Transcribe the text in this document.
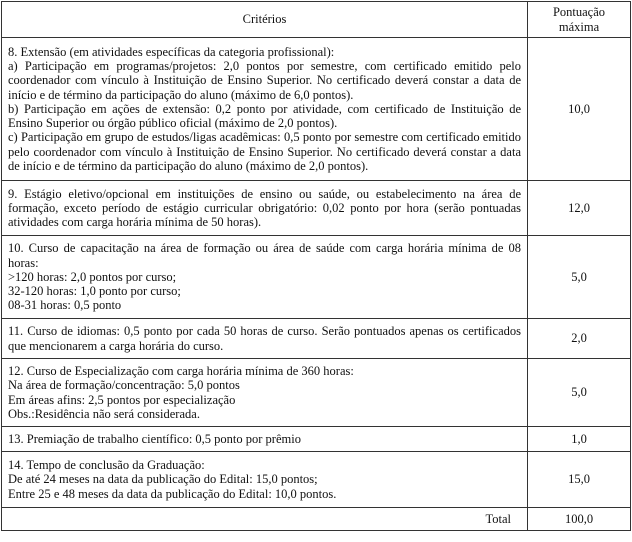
Critérios	Pontuação máxima

8. Extensão (em atividades específicas da categoria profissional):
a) Participação em programas/projetos: 2,0 pontos por semestre, com certificado emitido pelo coordenador com vínculo à Instituição de Ensino Superior. No certificado deverá constar a data de início e de término da participação do aluno (máximo de 6,0 pontos).
b) Participação em ações de extensão: 0,2 ponto por atividade, com certificado de Instituição de Ensino Superior ou órgão público oficial (máximo de 2,0 pontos).
c) Participação em grupo de estudos/ligas acadêmicas: 0,5 ponto por semestre com certificado emitido pelo coordenador com vínculo à Instituição de Ensino Superior. No certificado deverá constar a data de início e de término da participação do aluno (máximo de 2,0 pontos).	10,0

9. Estágio eletivo/opcional em instituições de ensino ou saúde, ou estabelecimento na área de formação, exceto período de estágio curricular obrigatório: 0,02 ponto por hora (serão pontuadas atividades com carga horária mínima de 50 horas).	12,0

10. Curso de capacitação na área de formação ou área de saúde com carga horária mínima de 08 horas:
>120 horas: 2,0 pontos por curso;
32-120 horas: 1,0 ponto por curso;
08-31 horas: 0,5 ponto	5,0

11. Curso de idiomas: 0,5 ponto por cada 50 horas de curso. Serão pontuados apenas os certificados que mencionarem a carga horária do curso.	2,0

12. Curso de Especialização com carga horária mínima de 360 horas:
Na área de formação/concentração: 5,0 pontos
Em áreas afins: 2,5 pontos por especialização
Obs.:Residência não será considerada.	5,0

13. Premiação de trabalho científico: 0,5 ponto por prêmio	1,0

14. Tempo de conclusão da Graduação:
De até 24 meses na data da publicação do Edital: 15,0 pontos;
Entre 25 e 48 meses da data da publicação do Edital: 10,0 pontos.	15,0
Total	100,0
